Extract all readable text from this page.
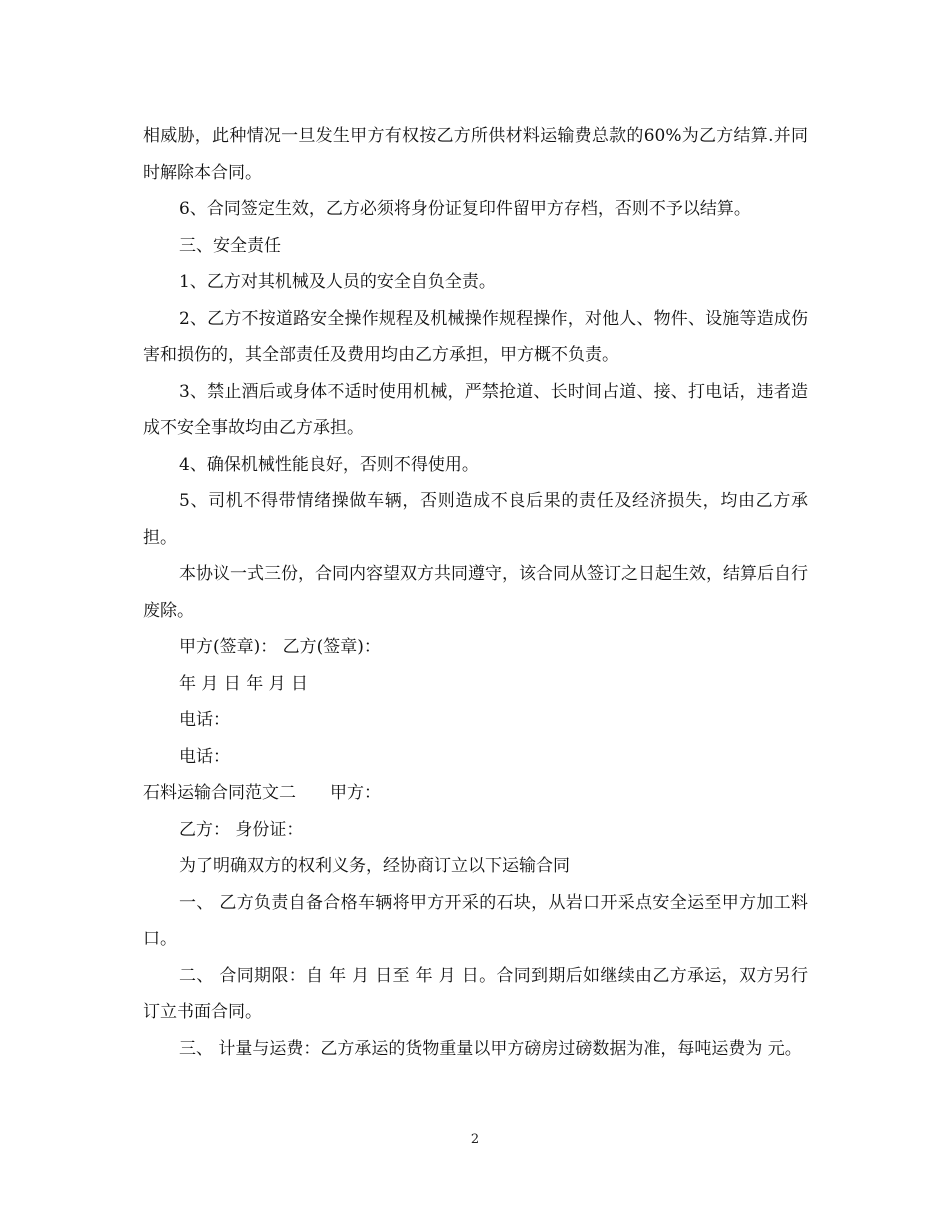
相威胁，此种情况一旦发生甲方有权按乙方所供材料运输费总款的60%为乙方结算.并同时解除本合同。

6、合同签定生效，乙方必须将身份证复印件留甲方存档，否则不予以结算。

三、安全责任

1、乙方对其机械及人员的安全自负全责。

2、乙方不按道路安全操作规程及机械操作规程操作，对他人、物件、设施等造成伤害和损伤的，其全部责任及费用均由乙方承担，甲方概不负责。

3、禁止酒后或身体不适时使用机械，严禁抢道、长时间占道、接、打电话，违者造成不安全事故均由乙方承担。

4、确保机械性能良好，否则不得使用。

5、司机不得带情绪操做车辆，否则造成不良后果的责任及经济损失，均由乙方承担。

本协议一式三份，合同内容望双方共同遵守，该合同从签订之日起生效，结算后自行废除。

甲方(签章)： 乙方(签章)：

年 月 日 年 月 日

电话：

电话：

石料运输合同范文二　　甲方：

乙方： 身份证：

为了明确双方的权利义务，经协商订立以下运输合同

一、 乙方负责自备合格车辆将甲方开采的石块，从岩口开采点安全运至甲方加工料口。

二、 合同期限：自 年 月 日至 年 月 日。合同到期后如继续由乙方承运，双方另行订立书面合同。

三、 计量与运费：乙方承运的货物重量以甲方磅房过磅数据为准，每吨运费为 元。

2
